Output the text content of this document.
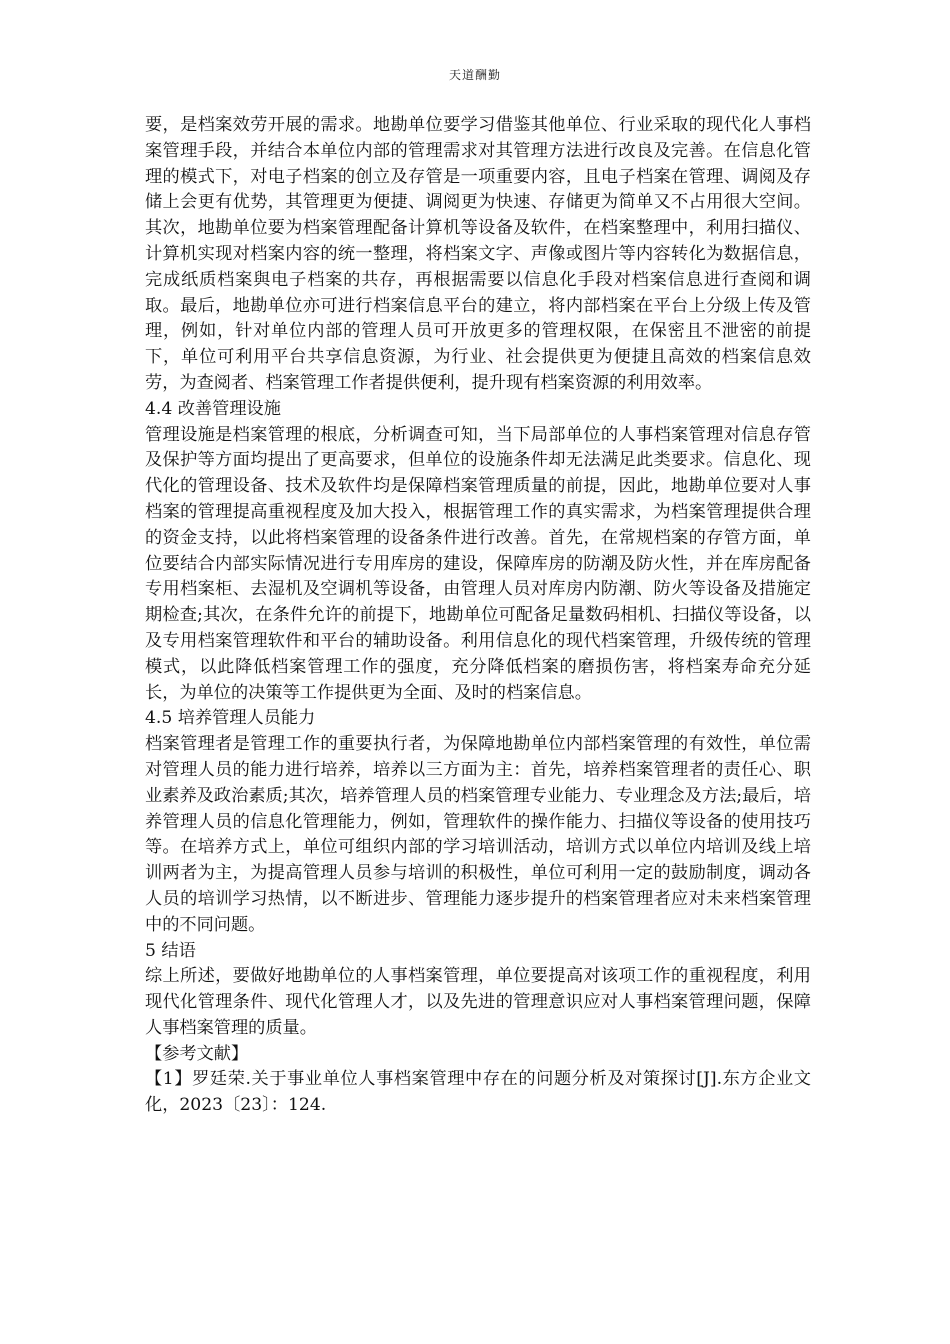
天道酬勤

要，是档案效劳开展的需求。地勘单位要学习借鉴其他单位、行业采取的现代化人事档案管理手段，并结合本单位内部的管理需求对其管理方法进行改良及完善。在信息化管理的模式下，对电子档案的创立及存管是一项重要内容，且电子档案在管理、调阅及存储上会更有优势，其管理更为便捷、调阅更为快速、存储更为简单又不占用很大空间。其次，地勘单位要为档案管理配备计算机等设备及软件，在档案整理中，利用扫描仪、计算机实现对档案内容的统一整理，将档案文字、声像或图片等内容转化为数据信息，完成纸质档案與电子档案的共存，再根据需要以信息化手段对档案信息进行查阅和调取。最后，地勘单位亦可进行档案信息平台的建立，将内部档案在平台上分级上传及管理，例如，针对单位内部的管理人员可开放更多的管理权限，在保密且不泄密的前提下，单位可利用平台共享信息资源，为行业、社会提供更为便捷且高效的档案信息效劳，为查阅者、档案管理工作者提供便利，提升现有档案资源的利用效率。

4.4 改善管理设施

管理设施是档案管理的根底，分析调查可知，当下局部单位的人事档案管理对信息存管及保护等方面均提出了更高要求，但单位的设施条件却无法满足此类要求。信息化、现代化的管理设备、技术及软件均是保障档案管理质量的前提，因此，地勘单位要对人事档案的管理提高重视程度及加大投入，根据管理工作的真实需求，为档案管理提供合理的资金支持，以此将档案管理的设备条件进行改善。首先，在常规档案的存管方面，单位要结合内部实际情况进行专用库房的建设，保障库房的防潮及防火性，并在库房配备专用档案柜、去湿机及空调机等设备，由管理人员对库房内防潮、防火等设备及措施定期检查;其次，在条件允许的前提下，地勘单位可配备足量数码相机、扫描仪等设备，以及专用档案管理软件和平台的辅助设备。利用信息化的现代档案管理，升级传统的管理模式，以此降低档案管理工作的强度，充分降低档案的磨损伤害，将档案寿命充分延长，为单位的决策等工作提供更为全面、及时的档案信息。

4.5 培养管理人员能力

档案管理者是管理工作的重要执行者，为保障地勘单位内部档案管理的有效性，单位需对管理人员的能力进行培养，培养以三方面为主：首先，培养档案管理者的责任心、职业素养及政治素质;其次，培养管理人员的档案管理专业能力、专业理念及方法;最后，培养管理人员的信息化管理能力，例如，管理软件的操作能力、扫描仪等设备的使用技巧等。在培养方式上，单位可组织内部的学习培训活动，培训方式以单位内培训及线上培训两者为主，为提高管理人员参与培训的积极性，单位可利用一定的鼓励制度，调动各人员的培训学习热情，以不断进步、管理能力逐步提升的档案管理者应对未来档案管理中的不同问题。

5 结语

综上所述，要做好地勘单位的人事档案管理，单位要提高对该项工作的重视程度，利用现代化管理条件、现代化管理人才，以及先进的管理意识应对人事档案管理问题，保障人事档案管理的质量。

【参考文献】

【1】罗廷荣.关于事业单位人事档案管理中存在的问题分析及对策探讨[J].东方企业文化，2023〔23〕：124.
